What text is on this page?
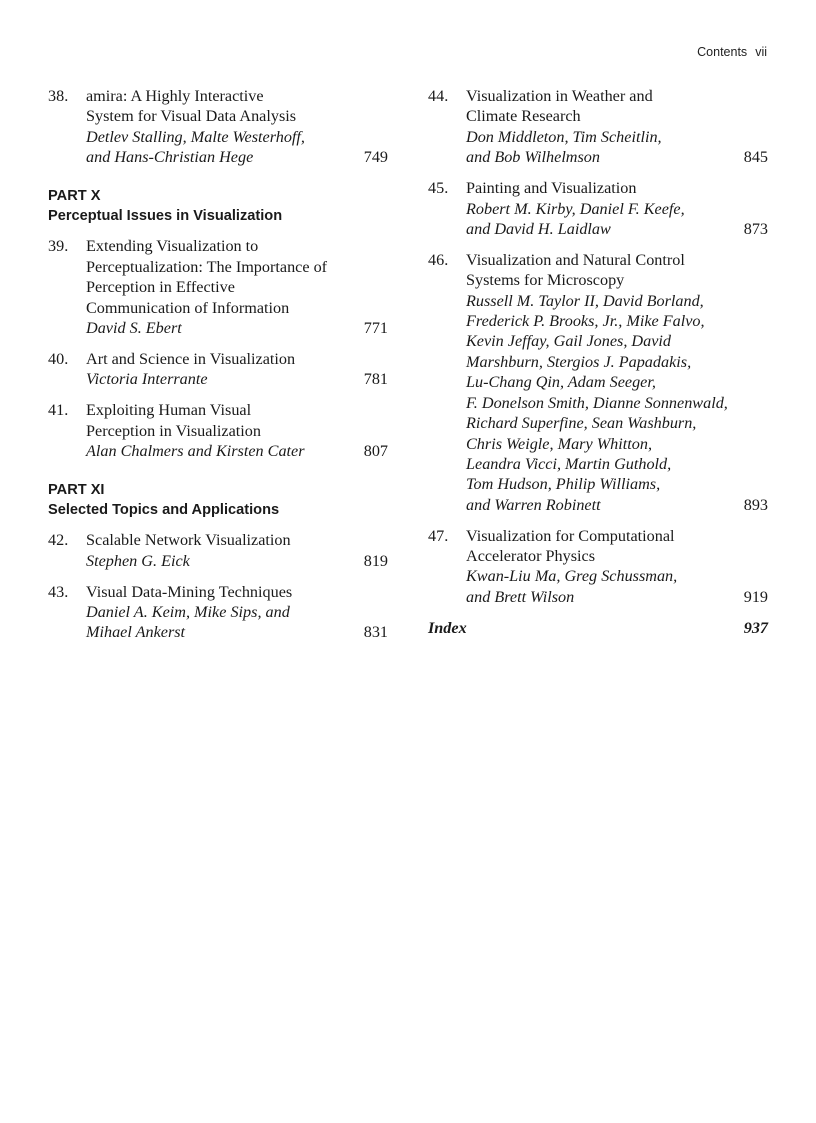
Contents vii
38. amira: A Highly Interactive
System for Visual Data Analysis
Detlev Stalling, Malte Westerhoff,
and Hans-Christian Hege	749
PART X
Perceptual Issues in Visualization
39. Extending Visualization to
Perceptualization: The Importance of
Perception in Effective
Communication of Information
David S. Ebert	771
40. Art and Science in Visualization
Victoria Interrante	781
41. Exploiting Human Visual
Perception in Visualization
Alan Chalmers and Kirsten Cater	807
PART XI
Selected Topics and Applications
42. Scalable Network Visualization
Stephen G. Eick	819
43. Visual Data-Mining Techniques
Daniel A. Keim, Mike Sips, and
Mihael Ankerst	831
44. Visualization in Weather and
Climate Research
Don Middleton, Tim Scheitlin,
and Bob Wilhelmson	845
45. Painting and Visualization
Robert M. Kirby, Daniel F. Keefe,
and David H. Laidlaw	873
46. Visualization and Natural Control
Systems for Microscopy
Russell M. Taylor II, David Borland,
Frederick P. Brooks, Jr., Mike Falvo,
Kevin Jeffay, Gail Jones, David
Marshburn, Stergios J. Papadakis,
Lu-Chang Qin, Adam Seeger,
F. Donelson Smith, Dianne Sonnenwald,
Richard Superfine, Sean Washburn,
Chris Weigle, Mary Whitton,
Leandra Vicci, Martin Guthold,
Tom Hudson, Philip Williams,
and Warren Robinett	893
47. Visualization for Computational
Accelerator Physics
Kwan-Liu Ma, Greg Schussman,
and Brett Wilson	919
Index	937
